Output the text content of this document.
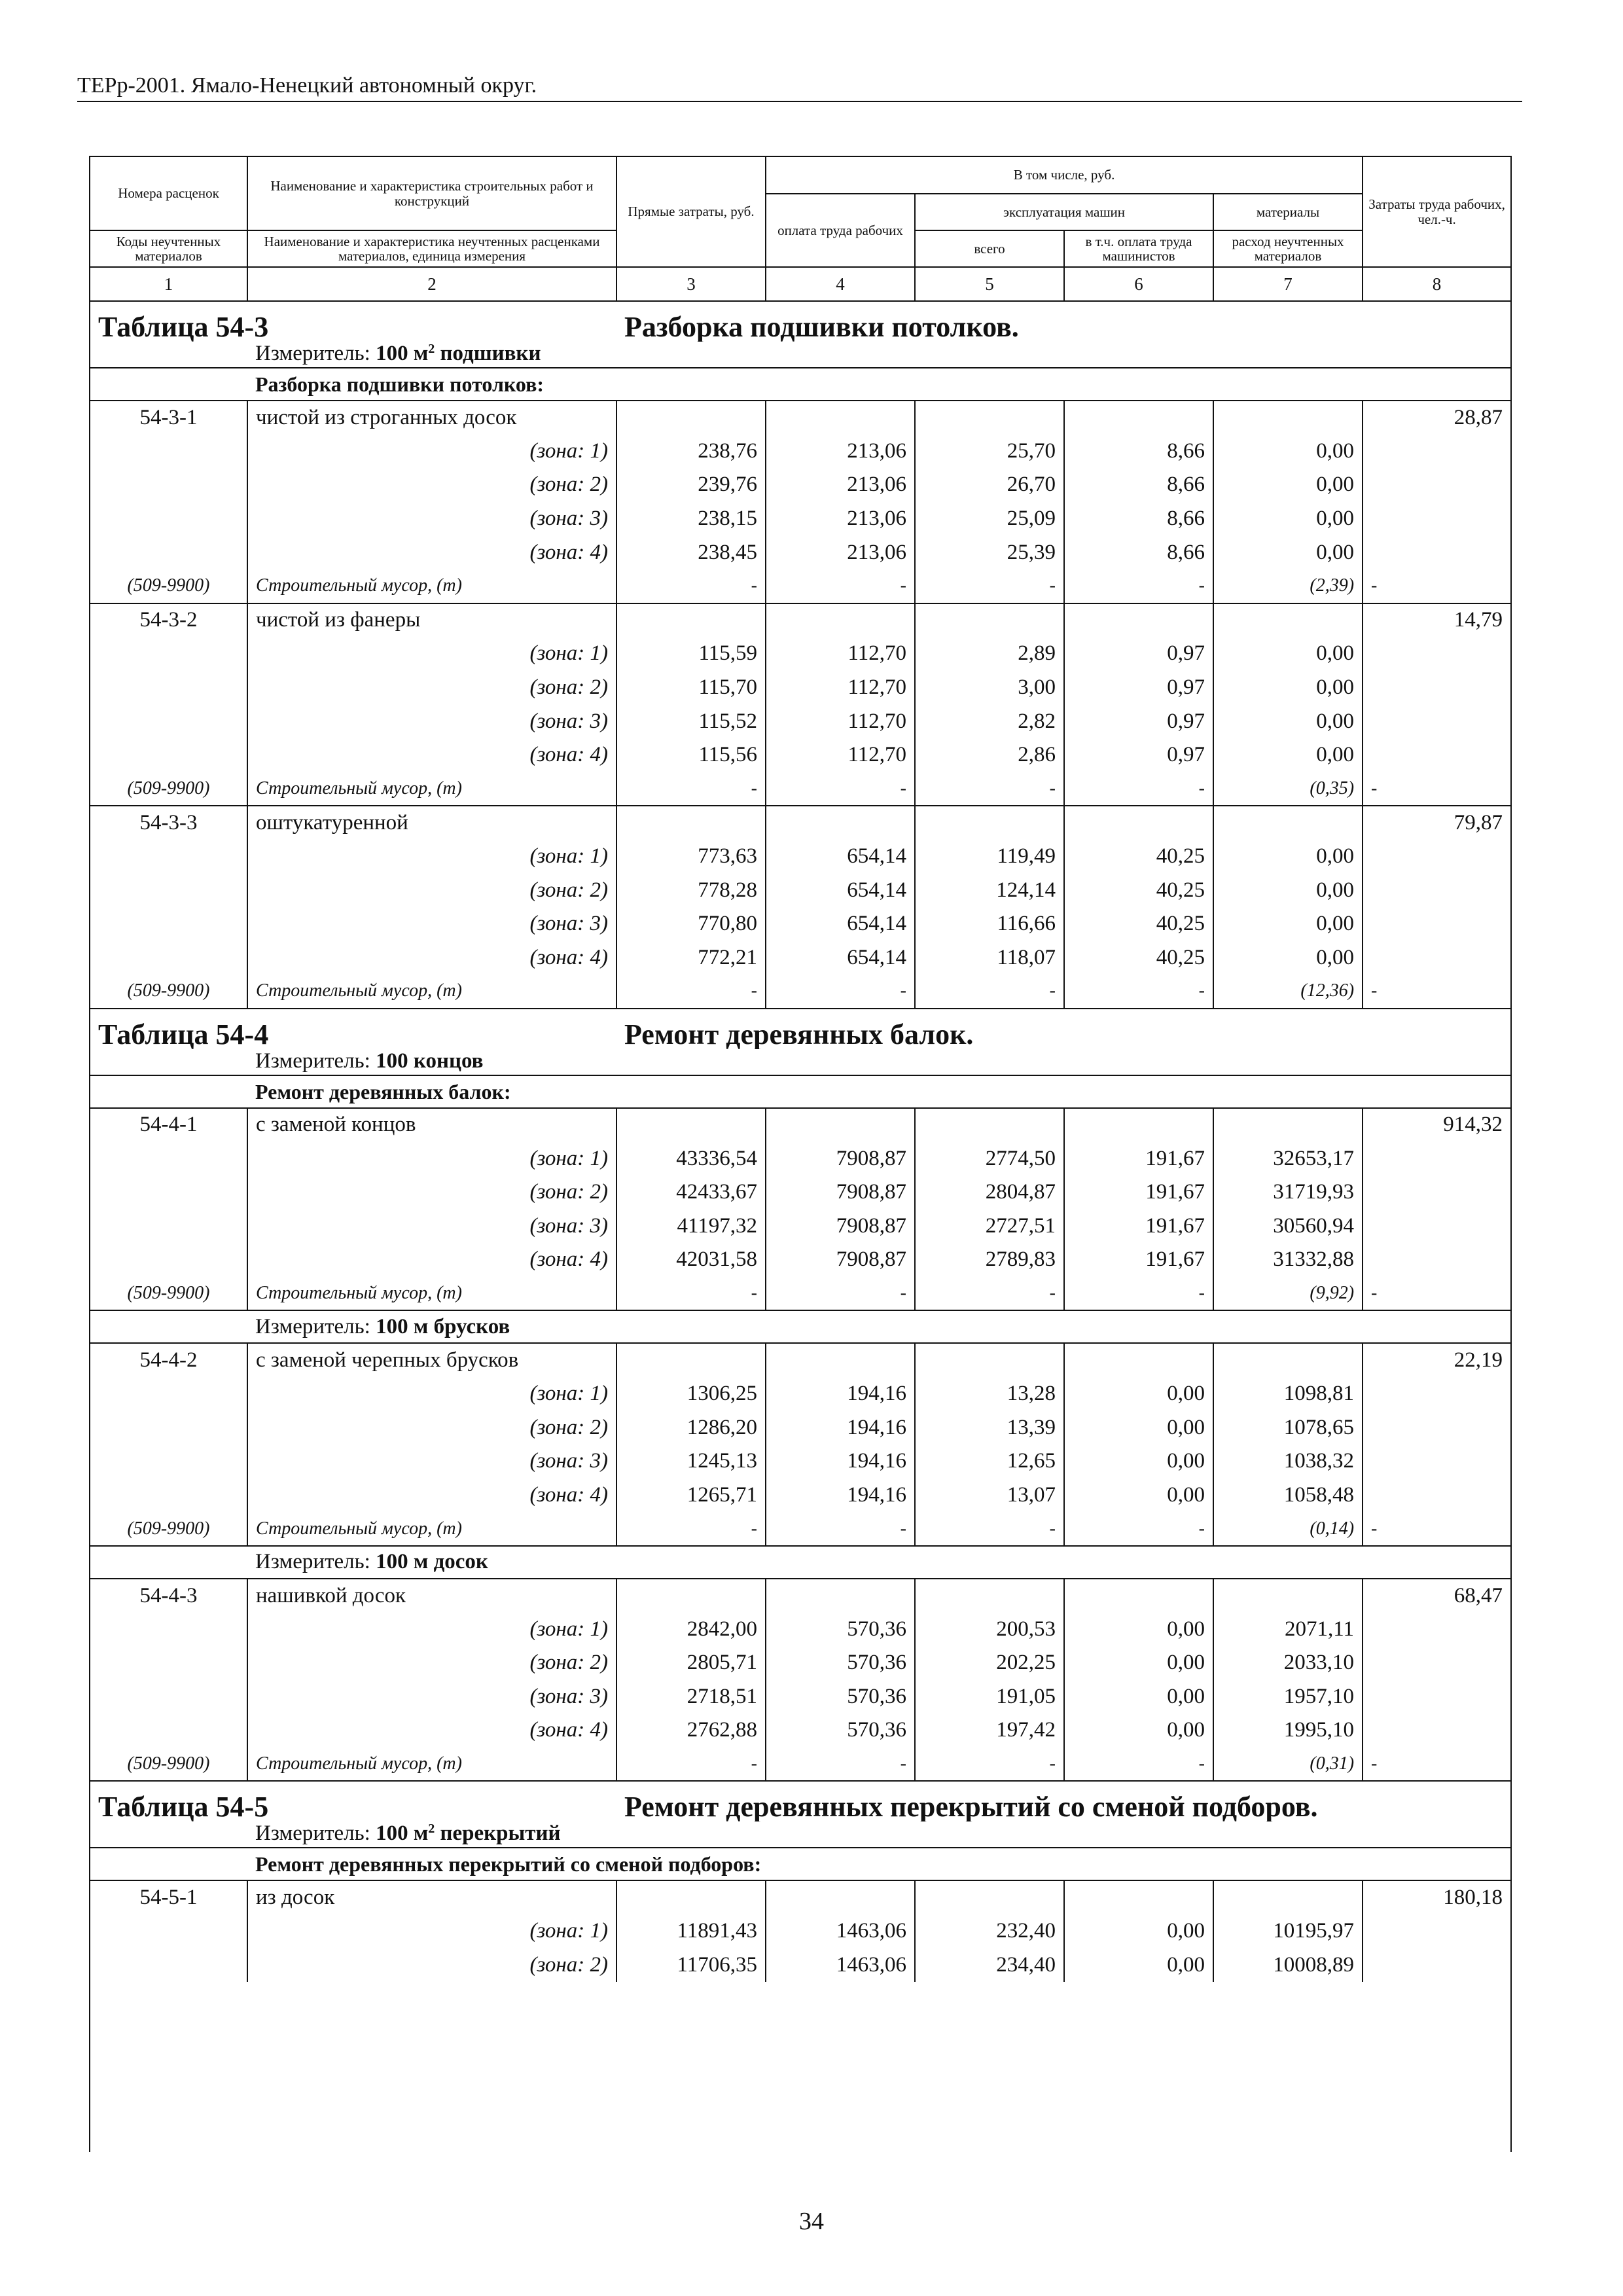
ТЕРр-2001. Ямало-Ненецкий автономный округ.
Номера расценок	Наименование и характеристика строительных работ и конструкций	Прямые затраты, руб.	В том числе, руб.				Затраты труда рабочих, чел.-ч.
			оплата труда рабочих	эксплуатация машин		материалы	
Коды неучтенных материалов	Наименование и характеристика неучтенных расценками материалов, единица измерения			всего	в т.ч. оплата труда машинистов	расход неучтенных материалов	
1	2	3	4	5	6	7	8
Таблица 54-3		Разборка подшивки потолков.					
	Измеритель: 100 $м^2$ подшивки						
	Разборка подшивки потолков:						
54-3-1	чистой из строганных досок						28,87
	(зона: 1)	238,76	213,06	25,70	8,66	0,00	
	(зона: 2)	239,76	213,06	26,70	8,66	0,00	
	(зона: 3)	238,15	213,06	25,09	8,66	0,00	
	(зона: 4)	238,45	213,06	25,39	8,66	0,00	
(509-9900)	Строительный мусор, (т)	-	-	-	-	(2,39)	-
54-3-2	чистой из фанеры						14,79
	(зона: 1)	115,59	112,70	2,89	0,97	0,00	
	(зона: 2)	115,70	112,70	3,00	0,97	0,00	
	(зона: 3)	115,52	112,70	2,82	0,97	0,00	
	(зона: 4)	115,56	112,70	2,86	0,97	0,00	
(509-9900)	Строительный мусор, (т)	-	-	-	-	(0,35)	-
54-3-3	оштукатуренной						79,87
	(зона: 1)	773,63	654,14	119,49	40,25	0,00	
	(зона: 2)	778,28	654,14	124,14	40,25	0,00	
	(зона: 3)	770,80	654,14	116,66	40,25	0,00	
	(зона: 4)	772,21	654,14	118,07	40,25	0,00	
(509-9900)	Строительный мусор, (т)	-	-	-	-	(12,36)	-
Таблица 54-4		Ремонт деревянных балок.					
	Измеритель: 100 концов						
	Ремонт деревянных балок:						
54-4-1	с заменой концов						914,32
	(зона: 1)	43336,54	7908,87	2774,50	191,67	32653,17	
	(зона: 2)	42433,67	7908,87	2804,87	191,67	31719,93	
	(зона: 3)	41197,32	7908,87	2727,51	191,67	30560,94	
	(зона: 4)	42031,58	7908,87	2789,83	191,67	31332,88	
(509-9900)	Строительный мусор, (т)	-	-	-	-	(9,92)	-
	Измеритель: 100 м брусков						
54-4-2	с заменой черепных брусков						22,19
	(зона: 1)	1306,25	194,16	13,28	0,00	1098,81	
	(зона: 2)	1286,20	194,16	13,39	0,00	1078,65	
	(зона: 3)	1245,13	194,16	12,65	0,00	1038,32	
	(зона: 4)	1265,71	194,16	13,07	0,00	1058,48	
(509-9900)	Строительный мусор, (т)	-	-	-	-	(0,14)	-
	Измеритель: 100 м досок						
54-4-3	нашивкой досок						68,47
	(зона: 1)	2842,00	570,36	200,53	0,00	2071,11	
	(зона: 2)	2805,71	570,36	202,25	0,00	2033,10	
	(зона: 3)	2718,51	570,36	191,05	0,00	1957,10	
	(зона: 4)	2762,88	570,36	197,42	0,00	1995,10	
(509-9900)	Строительный мусор, (т)	-	-	-	-	(0,31)	-
Таблица 54-5		Ремонт деревянных перекрытий со сменой подборов.					
	Измеритель: 100 $м^2$ перекрытий						
	Ремонт деревянных перекрытий со сменой подборов:						
54-5-1	из досок						180,18
	(зона: 1)	11891,43	1463,06	232,40	0,00	10195,97	
	(зона: 2)	11706,35	1463,06	234,40	0,00	10008,89	
34
